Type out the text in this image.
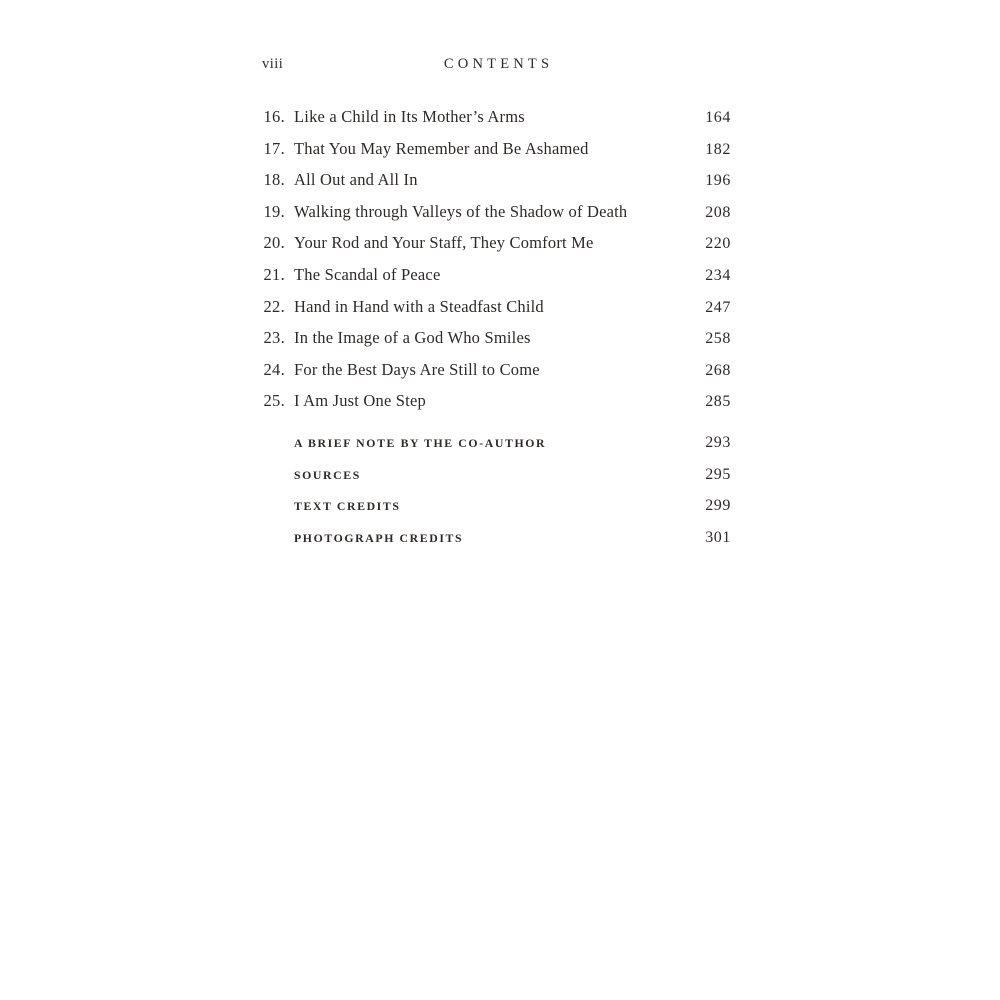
viii	CONTENTS
16. Like a Child in Its Mother’s Arms	164
17. That You May Remember and Be Ashamed	182
18. All Out and All In	196
19. Walking through Valleys of the Shadow of Death	208
20. Your Rod and Your Staff, They Comfort Me	220
21. The Scandal of Peace	234
22. Hand in Hand with a Steadfast Child	247
23. In the Image of a God Who Smiles	258
24. For the Best Days Are Still to Come	268
25. I Am Just One Step	285
A BRIEF NOTE BY THE CO-AUTHOR	293
SOURCES	295
TEXT CREDITS	299
PHOTOGRAPH CREDITS	301
